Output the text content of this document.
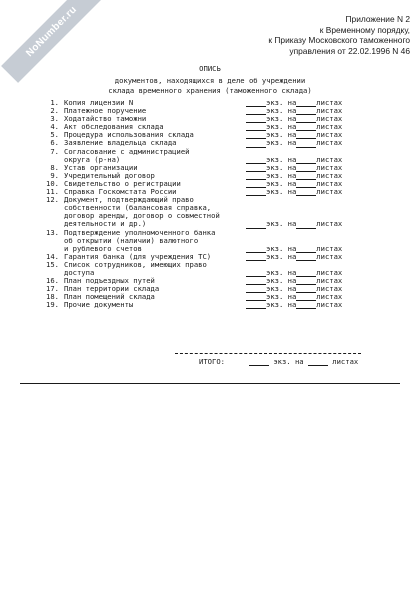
NoNumber.ru	Приложение N 2
к Временному порядку,
к Приказу Московского таможенного
управления от 22.02.1996 N 46
ОПИСЬ
документов, находящихся в деле об учреждении
склада временного хранения (таможенного склада)
1. Копия лицензии N	экз. на	листах
2. Платежное поручение	экз. на	листах
3. Ходатайство таможни	экз. на	листах
4. Акт обследования склада	экз. на	листах
5. Процедура использования склада	экз. на	листах
6. Заявление владельца склада	экз. на	листах
7. Согласование с администрацией
округа (р-на)	экз. на	листах
8. Устав организации	экз. на	листах
9. Учредительный договор	экз. на	листах
10. Свидетельство о регистрации	экз. на	листах
11. Справка Госкомстата России	экз. на	листах
12. Документ, подтверждающий право
собственности (балансовая справка,
договор аренды, договор о совместной
деятельности и др.)	экз. на	листах
13. Подтверждение уполномоченного банка
об открытии (наличии) валютного
и рублевого счетов	экз. на	листах
14. Гарантия банка (для учреждения ТС)	экз. на	листах
15. Список сотрудников, имеющих право
доступа	экз. на	листах
16. План подъездных путей	экз. на	листах
17. План территории склада	экз. на	листах
18. План помещений склада	экз. на	листах
19. Прочие документы	экз. на	листах
ИТОГО:	экз. на	листах
